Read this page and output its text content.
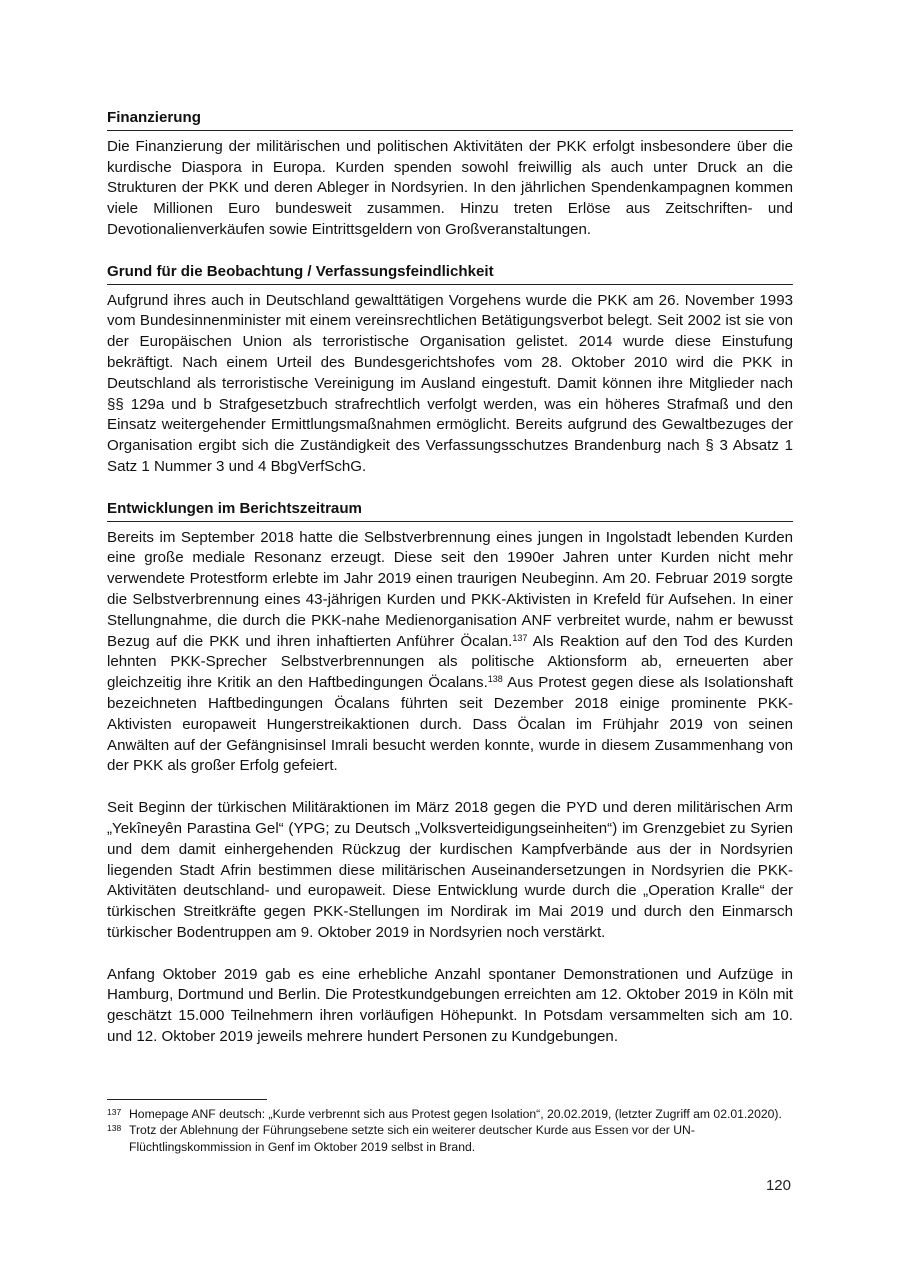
Finanzierung

Die Finanzierung der militärischen und politischen Aktivitäten der PKK erfolgt insbesondere über die kurdische Diaspora in Europa. Kurden spenden sowohl freiwillig als auch unter Druck an die Strukturen der PKK und deren Ableger in Nordsyrien. In den jährlichen Spendenkampagnen kommen viele Millionen Euro bundesweit zusammen. Hinzu treten Erlöse aus Zeitschriften- und Devotionalienverkäufen sowie Eintrittsgeldern von Großveranstaltungen.

Grund für die Beobachtung / Verfassungsfeindlichkeit

Aufgrund ihres auch in Deutschland gewalttätigen Vorgehens wurde die PKK am 26. November 1993 vom Bundesinnenminister mit einem vereinsrechtlichen Betätigungsverbot belegt. Seit 2002 ist sie von der Europäischen Union als terroristische Organisation gelistet. 2014 wurde diese Einstufung bekräftigt. Nach einem Urteil des Bundesgerichtshofes vom 28. Oktober 2010 wird die PKK in Deutschland als terroristische Vereinigung im Ausland eingestuft. Damit können ihre Mitglieder nach §§ 129a und b Strafgesetzbuch strafrechtlich verfolgt werden, was ein höheres Strafmaß und den Einsatz weitergehender Ermittlungsmaßnahmen ermöglicht. Bereits aufgrund des Gewaltbezuges der Organisation ergibt sich die Zuständigkeit des Verfassungsschutzes Brandenburg nach § 3 Absatz 1 Satz 1 Nummer 3 und 4 BbgVerfSchG.

Entwicklungen im Berichtszeitraum

Bereits im September 2018 hatte die Selbstverbrennung eines jungen in Ingolstadt lebenden Kurden eine große mediale Resonanz erzeugt. Diese seit den 1990er Jahren unter Kurden nicht mehr verwendete Protestform erlebte im Jahr 2019 einen traurigen Neubeginn. Am 20. Februar 2019 sorgte die Selbstverbrennung eines 43-jährigen Kurden und PKK-Aktivisten in Krefeld für Aufsehen. In einer Stellungnahme, die durch die PKK-nahe Medienorganisation ANF verbreitet wurde, nahm er bewusst Bezug auf die PKK und ihren inhaftierten Anführer Öcalan.$^{137}$ Als Reaktion auf den Tod des Kurden lehnten PKK-Sprecher Selbstverbrennungen als politische Aktionsform ab, erneuerten aber gleichzeitig ihre Kritik an den Haftbedingungen Öcalans.$^{138}$ Aus Protest gegen diese als Isolationshaft bezeichneten Haftbedingungen Öcalans führten seit Dezember 2018 einige prominente PKK-Aktivisten europaweit Hungerstreikaktionen durch. Dass Öcalan im Frühjahr 2019 von seinen Anwälten auf der Gefängnisinsel Imrali besucht werden konnte, wurde in diesem Zusammenhang von der PKK als großer Erfolg gefeiert.

Seit Beginn der türkischen Militäraktionen im März 2018 gegen die PYD und deren militärischen Arm „Yekîneyên Parastina Gel“ (YPG; zu Deutsch „Volksverteidigungseinheiten“) im Grenzgebiet zu Syrien und dem damit einhergehenden Rückzug der kurdischen Kampfverbände aus der in Nordsyrien liegenden Stadt Afrin bestimmen diese militärischen Auseinandersetzungen in Nordsyrien die PKK-Aktivitäten deutschland- und europaweit. Diese Entwicklung wurde durch die „Operation Kralle“ der türkischen Streitkräfte gegen PKK-Stellungen im Nordirak im Mai 2019 und durch den Einmarsch türkischer Bodentruppen am 9. Oktober 2019 in Nordsyrien noch verstärkt.

Anfang Oktober 2019 gab es eine erhebliche Anzahl spontaner Demonstrationen und Aufzüge in Hamburg, Dortmund und Berlin. Die Protestkundgebungen erreichten am 12. Oktober 2019 in Köln mit geschätzt 15.000 Teilnehmern ihren vorläufigen Höhepunkt. In Potsdam versammelten sich am 10. und 12. Oktober 2019 jeweils mehrere hundert Personen zu Kundgebungen.

137 Homepage ANF deutsch: „Kurde verbrennt sich aus Protest gegen Isolation“, 20.02.2019, (letzter Zugriff am 02.01.2020).

138 Trotz der Ablehnung der Führungsebene setzte sich ein weiterer deutscher Kurde aus Essen vor der UN-Flüchtlingskommission in Genf im Oktober 2019 selbst in Brand.

120
